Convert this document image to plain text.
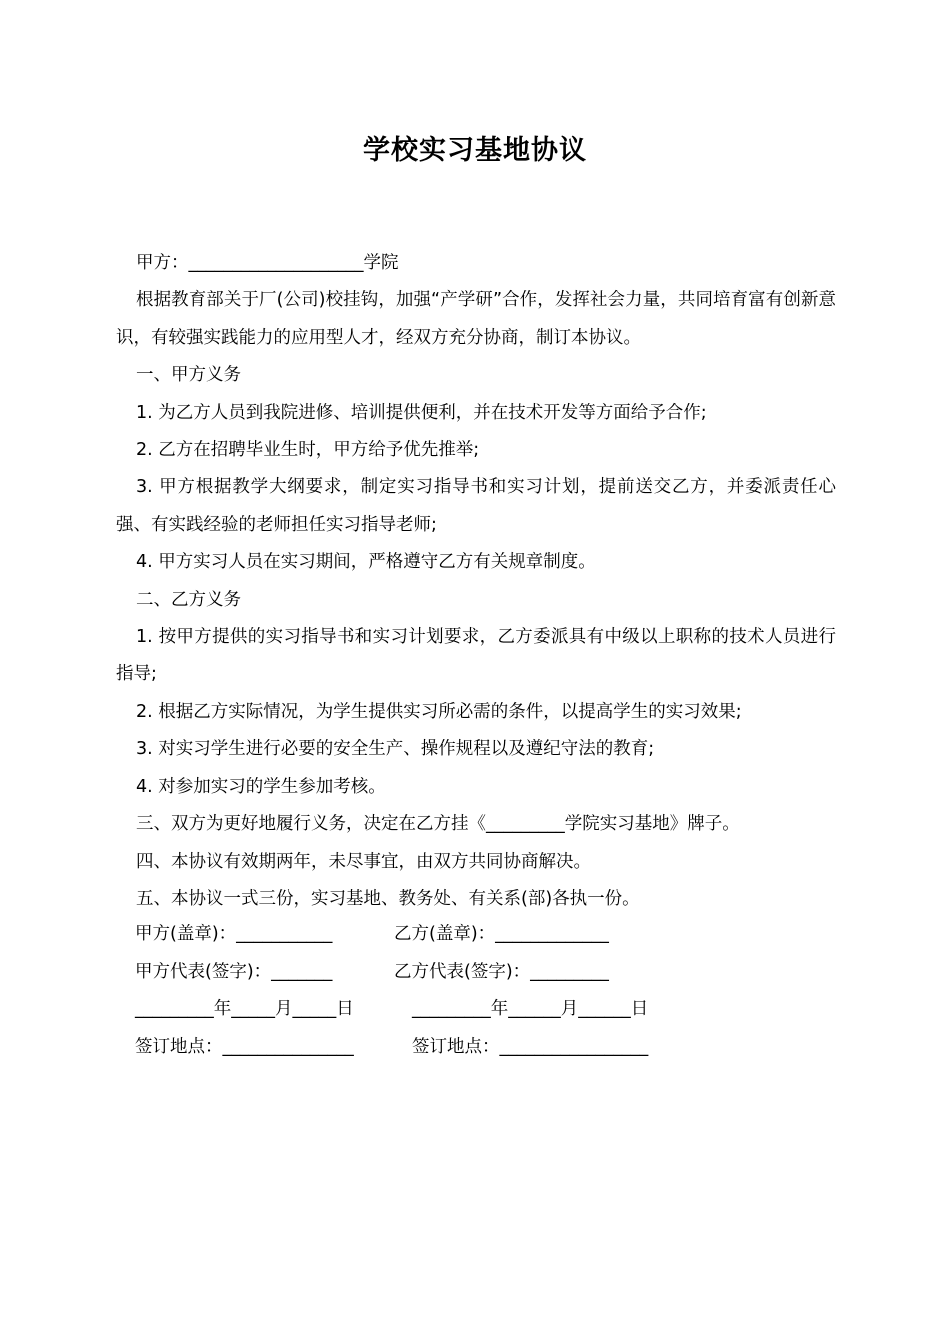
学校实习基地协议

甲方：____________________学院

根据教育部关于厂(公司)校挂钩，加强“产学研”合作，发挥社会力量，共同培育富有创新意识，有较强实践能力的应用型人才，经双方充分协商，制订本协议。

一、甲方义务

1. 为乙方人员到我院进修、培训提供便利，并在技术开发等方面给予合作;

2. 乙方在招聘毕业生时，甲方给予优先推举;

3. 甲方根据教学大纲要求，制定实习指导书和实习计划，提前送交乙方，并委派责任心强、有实践经验的老师担任实习指导老师;

4. 甲方实习人员在实习期间，严格遵守乙方有关规章制度。

二、乙方义务

1. 按甲方提供的实习指导书和实习计划要求，乙方委派具有中级以上职称的技术人员进行指导;

2. 根据乙方实际情况，为学生提供实习所必需的条件，以提高学生的实习效果;

3. 对实习学生进行必要的安全生产、操作规程以及遵纪守法的教育;

4. 对参加实习的学生参加考核。

三、双方为更好地履行义务，决定在乙方挂《_________学院实习基地》牌子。

四、本协议有效期两年，未尽事宜，由双方共同协商解决。

五、本协议一式三份，实习基地、教务处、有关系(部)各执一份。

甲方(盖章)：___________	乙方(盖章)：_____________
甲方代表(签字)：_______	乙方代表(签字)：_________
_________年_____月_____日	_________年______月______日
签订地点：_______________	签订地点：_________________
